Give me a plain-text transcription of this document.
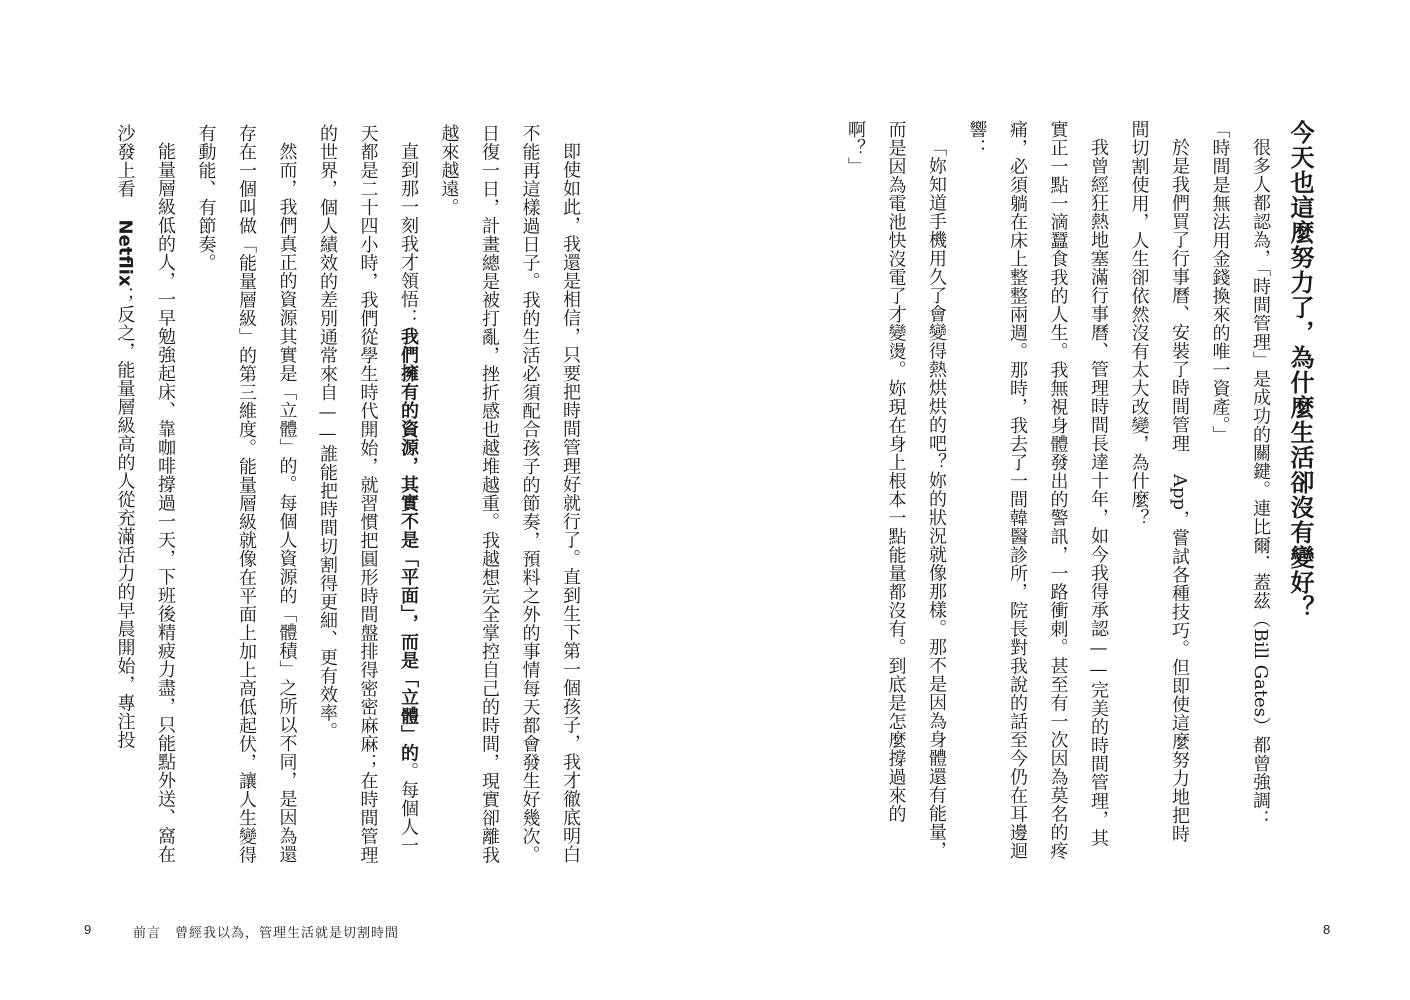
即使如此，我還是相信，只要把時間管理好就行了。直到生下第一個孩子，我才徹底明白不能再這樣過日子。我的生活必須配合孩子的節奏，預料之外的事情每天都會發生好幾次。日復一日，計畫總是被打亂，挫折感也越堆越重。我越想完全掌控自己的時間，現實卻離我越來越遠。

直到那一刻我才領悟：我們擁有的資源，其實不是「平面」，而是「立體」的。每個人一天都是二十四小時，我們從學生時代開始，就習慣把圓形時間盤排得密密麻麻；在時間管理的世界，個人績效的差別通常來自——誰能把時間切割得更細、更有效率。

然而，我們真正的資源其實是「立體」的。每個人資源的「體積」之所以不同，是因為還存在一個叫做「能量層級」的第三維度。能量層級就像在平面上加上高低起伏，讓人生變得有動能、有節奏。

能量層級低的人，一早勉強起床、靠咖啡撐過一天，下班後精疲力盡，只能點外送、窩在沙發上看 Netflix；反之，能量層級高的人從充滿活力的早晨開始，專注投

9	前言　曾經我以為，管理生活就是切割時間

今天也這麼努力了，為什麼生活卻沒有變好？

很多人都認為，「時間管理」是成功的關鍵。連比爾．蓋茲（Bill Gates）都曾強調：「時間是無法用金錢換來的唯一資產。」

於是我們買了行事曆、安裝了時間管理 App，嘗試各種技巧。但即使這麼努力地把時間切割使用，人生卻依然沒有太大改變，為什麼？

我曾經狂熱地塞滿行事曆、管理時間長達十年，如今我得承認——完美的時間管理，其實正一點一滴蠶食我的人生。我無視身體發出的警訊，一路衝刺。甚至有一次因為莫名的疼痛，必須躺在床上整整兩週。那時，我去了一間韓醫診所，院長對我說的話至今仍在耳邊迴響：

「妳知道手機用久了會變得熱烘烘的吧？妳的狀況就像那樣。那不是因為身體還有能量，而是因為電池快沒電了才變燙。妳現在身上根本一點能量都沒有。到底是怎麼撐過來的啊？」

8
